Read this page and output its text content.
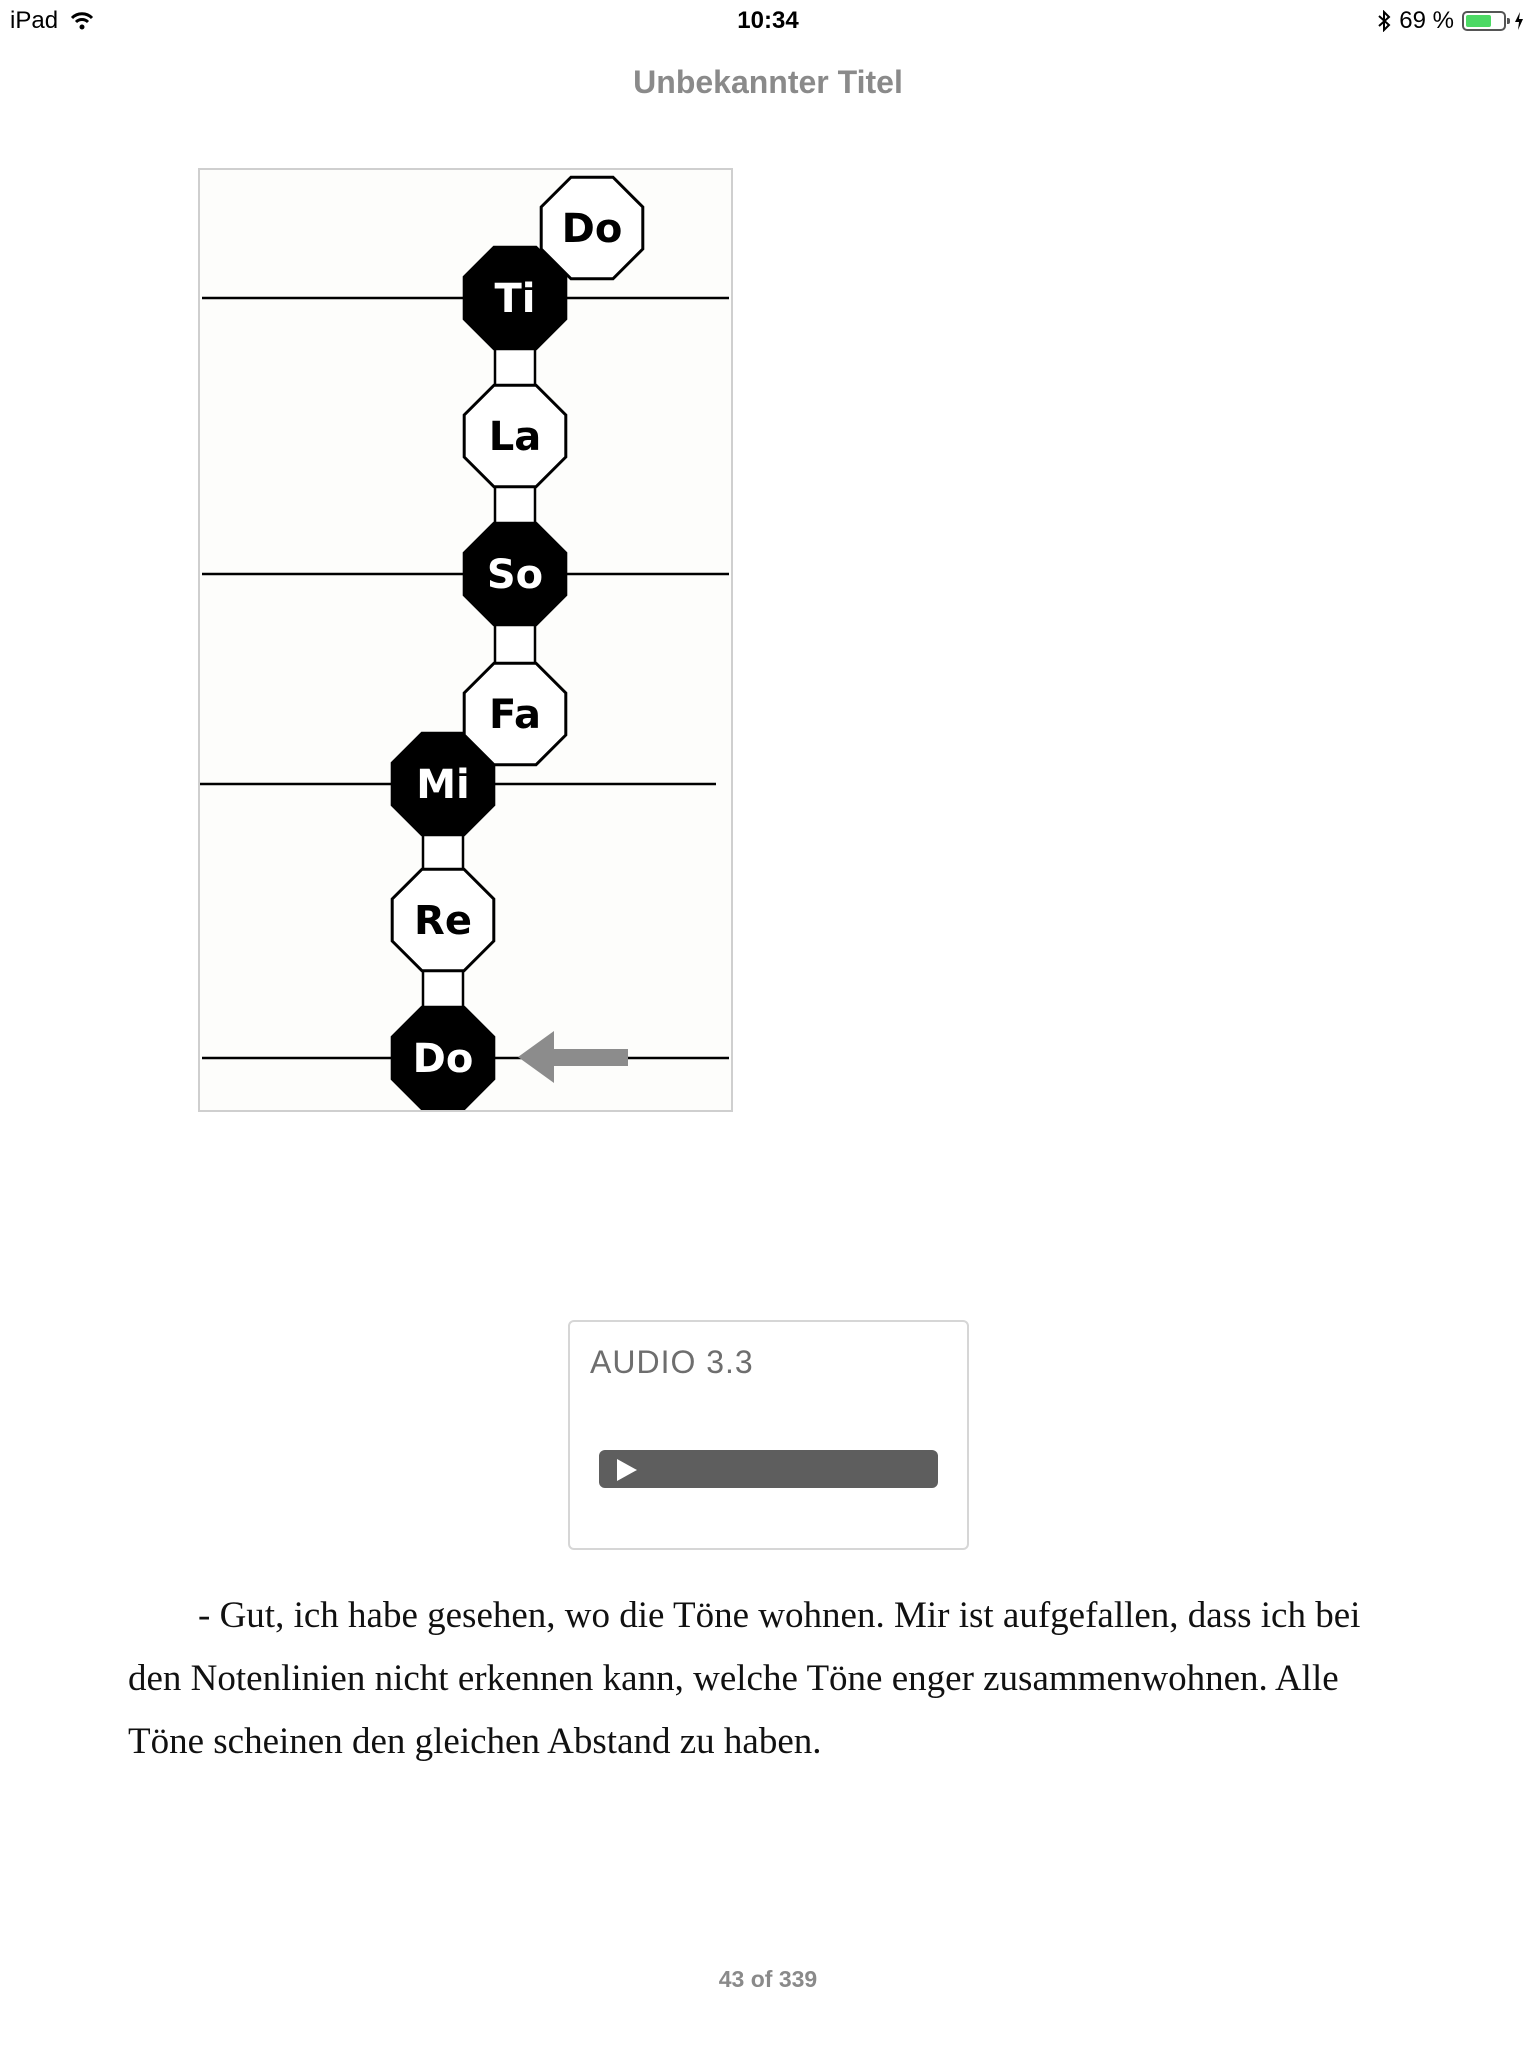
iPad	10:34	69 %
Unbekannter Titel
Do
Re
Mi
Fa
So
La
Ti
Do
AUDIO 3.3

- Gut, ich habe gesehen, wo die Töne wohnen. Mir ist aufgefallen, dass ich bei den Notenlinien nicht erkennen kann, welche Töne enger zusammenwohnen. Alle Töne scheinen den gleichen Abstand zu haben.

43 of 339
